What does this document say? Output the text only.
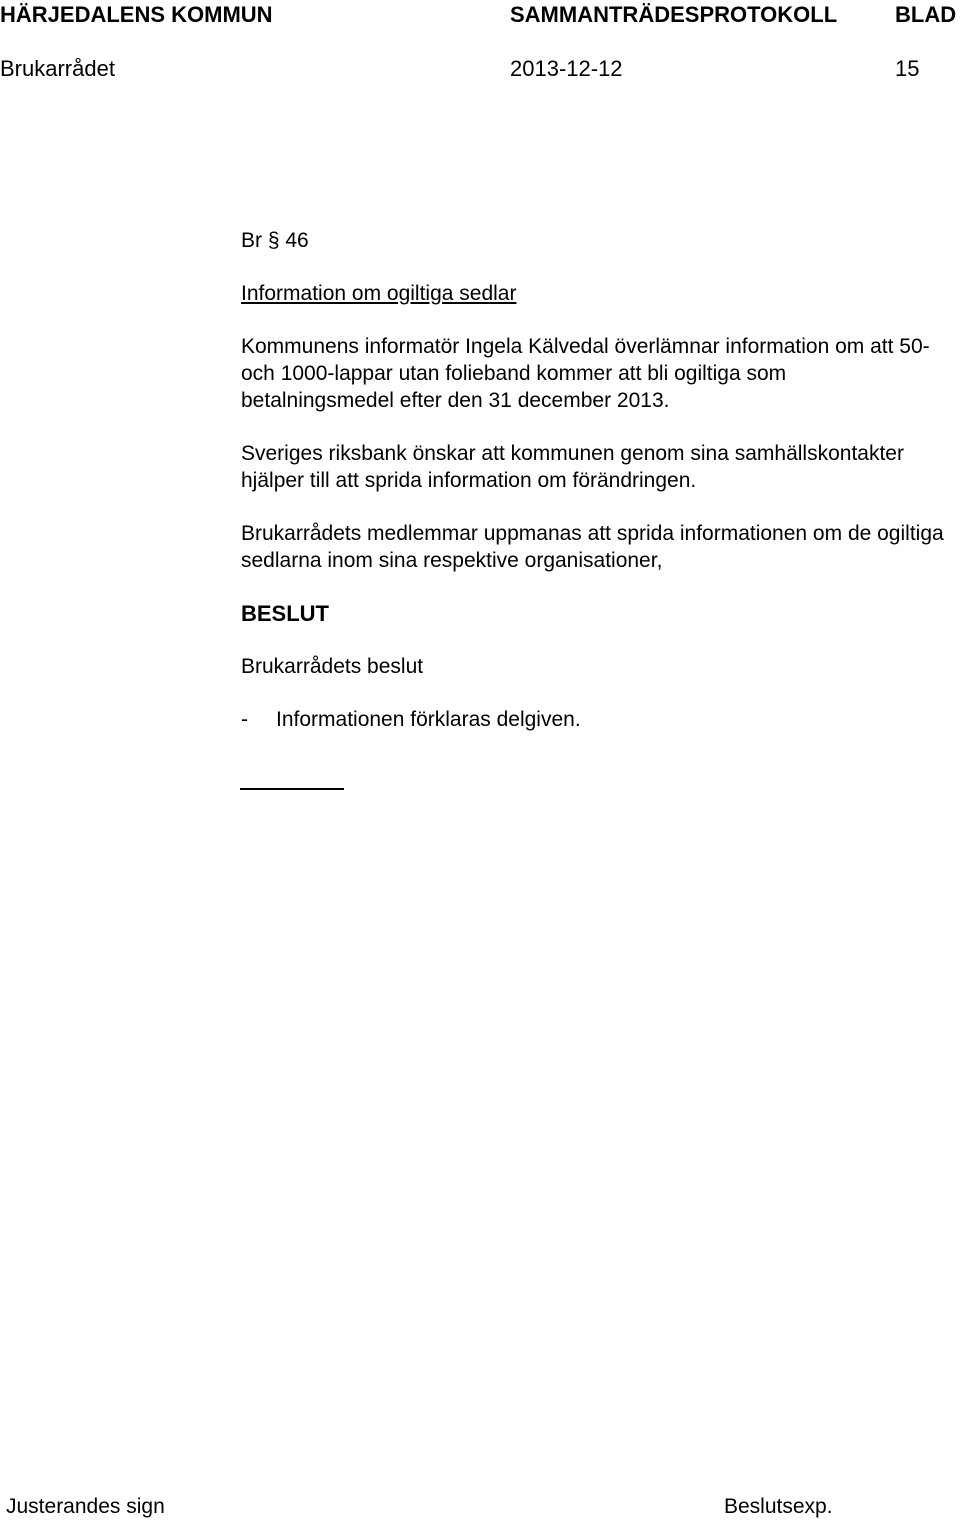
HÄRJEDALENS KOMMUN	SAMMANTRÄDESPROTOKOLL	BLAD
Brukarrådet	2013-12-12	15

Br § 46

Information om ogiltiga sedlar

Kommunens informatör Ingela Kälvedal överlämnar information om att 50- och 1000-lappar utan folieband kommer att bli ogiltiga som betalningsmedel efter den 31 december 2013.

Sveriges riksbank önskar att kommunen genom sina samhällskontakter hjälper till att sprida information om förändringen.

Brukarrådets medlemmar uppmanas att sprida informationen om de ogiltiga sedlarna inom sina respektive organisationer,

BESLUT

Brukarrådets beslut

-	Informationen förklaras delgiven.
Justerandes sign	Beslutsexp.
